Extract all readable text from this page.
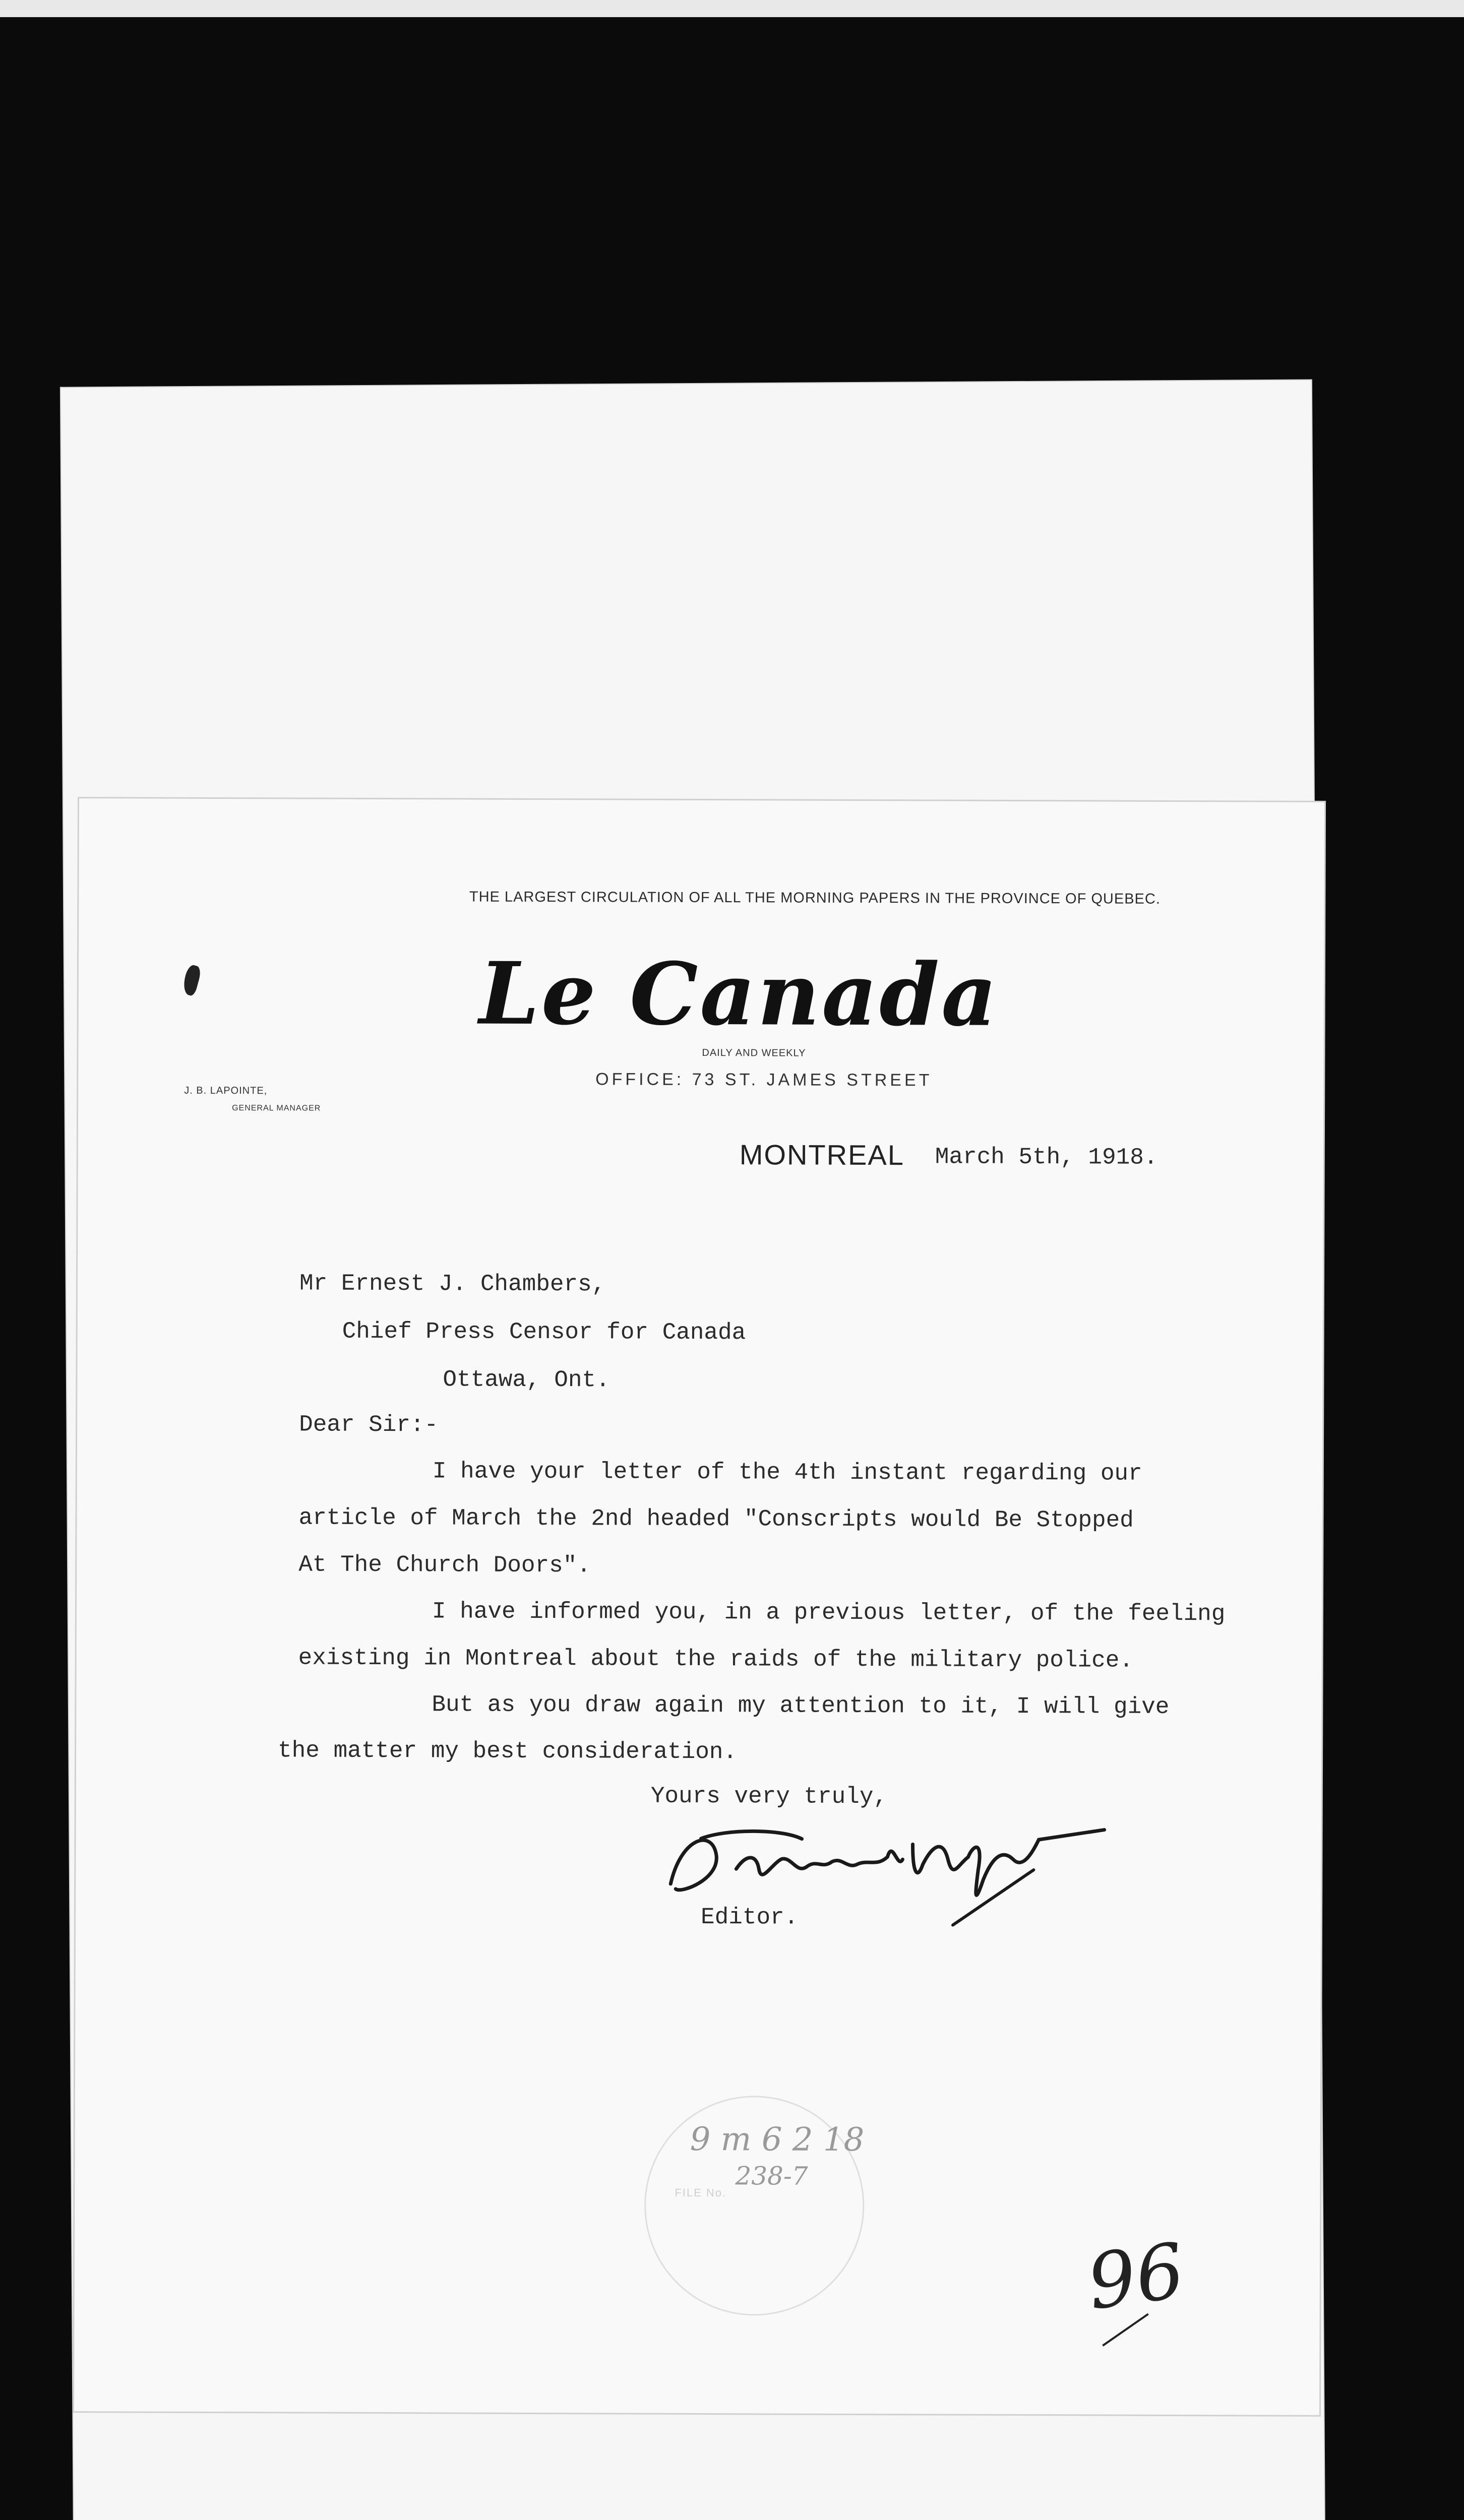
THE LARGEST CIRCULATION OF ALL THE MORNING PAPERS IN THE PROVINCE OF QUEBEC.
Le Canada
DAILY AND WEEKLY
OFFICE: 73 ST. JAMES STREET
J. B. LAPOINTE,
GENERAL MANAGER
MONTREAL March 5th, 1918.
Mr Ernest J. Chambers,
Chief Press Censor for Canada
Ottawa, Ont.
Dear Sir:-
I have your letter of the 4th instant regarding our
article of March the 2nd headed "Conscripts would Be Stopped
At The Church Doors".
I have informed you, in a previous letter, of the feeling
existing in Montreal about the raids of the military police.
But as you draw again my attention to it, I will give
the matter my best consideration.
Yours very truly,
Editor.
9 m 6 2 18
238-7
FILE No.
96
